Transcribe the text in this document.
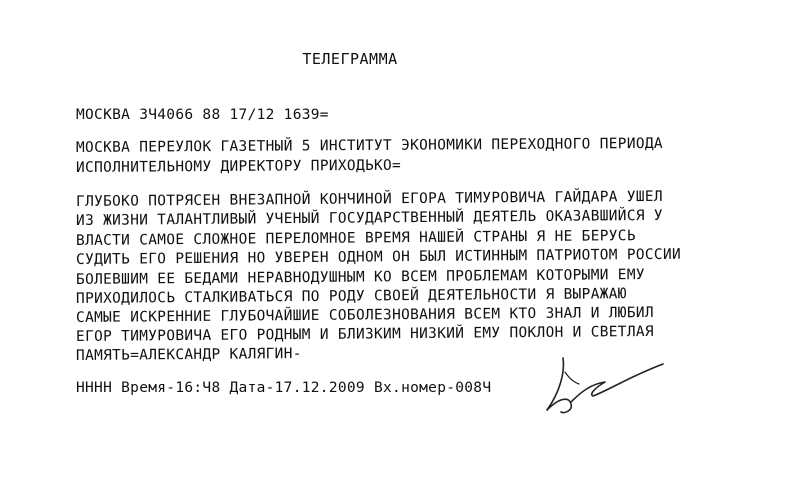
ТЕЛЕГРАММА
МОСКВА 3Ч4066 88 17/12 1639=
МОСКВА ПЕРЕУЛОК ГАЗЕТНЫЙ 5 ИНСТИТУТ ЭКОНОМИКИ ПЕРЕХОДНОГО ПЕРИОДА
ИСПОЛНИТЕЛЬНОМУ ДИРЕКТОРУ ПРИХОДЬКО=
ГЛУБОКО ПОТРЯСЕН ВНЕЗАПНОЙ КОНЧИНОЙ ЕГОРА ТИМУРОВИЧА ГАЙДАРА УШЕЛ
ИЗ ЖИЗНИ ТАЛАНТЛИВЫЙ УЧЕНЫЙ ГОСУДАРСТВЕННЫЙ ДЕЯТЕЛЬ ОКАЗАВШИЙСЯ У
ВЛАСТИ САМОЕ СЛОЖНОЕ ПЕРЕЛОМНОЕ ВРЕМЯ НАШЕЙ СТРАНЫ Я НЕ БЕРУСЬ
СУДИТЬ ЕГО РЕШЕНИЯ НО УВЕРЕН ОДНОМ ОН БЫЛ ИСТИННЫМ ПАТРИОТОМ РОССИИ
БОЛЕВШИМ ЕЕ БЕДАМИ НЕРАВНОДУШНЫМ КО ВСЕМ ПРОБЛЕМАМ КОТОРЫМИ ЕМУ
ПРИХОДИЛОСЬ СТАЛКИВАТЬСЯ ПО РОДУ СВОЕЙ ДЕЯТЕЛЬНОСТИ Я ВЫРАЖАЮ
САМЫЕ ИСКРЕННИЕ ГЛУБОЧАЙШИЕ СОБОЛЕЗНОВАНИЯ ВСЕМ КТО ЗНАЛ И ЛЮБИЛ
ЕГОР ТИМУРОВИЧА ЕГО РОДНЫМ И БЛИЗКИМ НИЗКИЙ ЕМУ ПОКЛОН И СВЕТЛАЯ
ПАМЯТЬ=АЛЕКСАНДР КАЛЯГИН-
НННН Время-16:Ч8 Дата-17.12.2009 Вх.номер-008Ч
